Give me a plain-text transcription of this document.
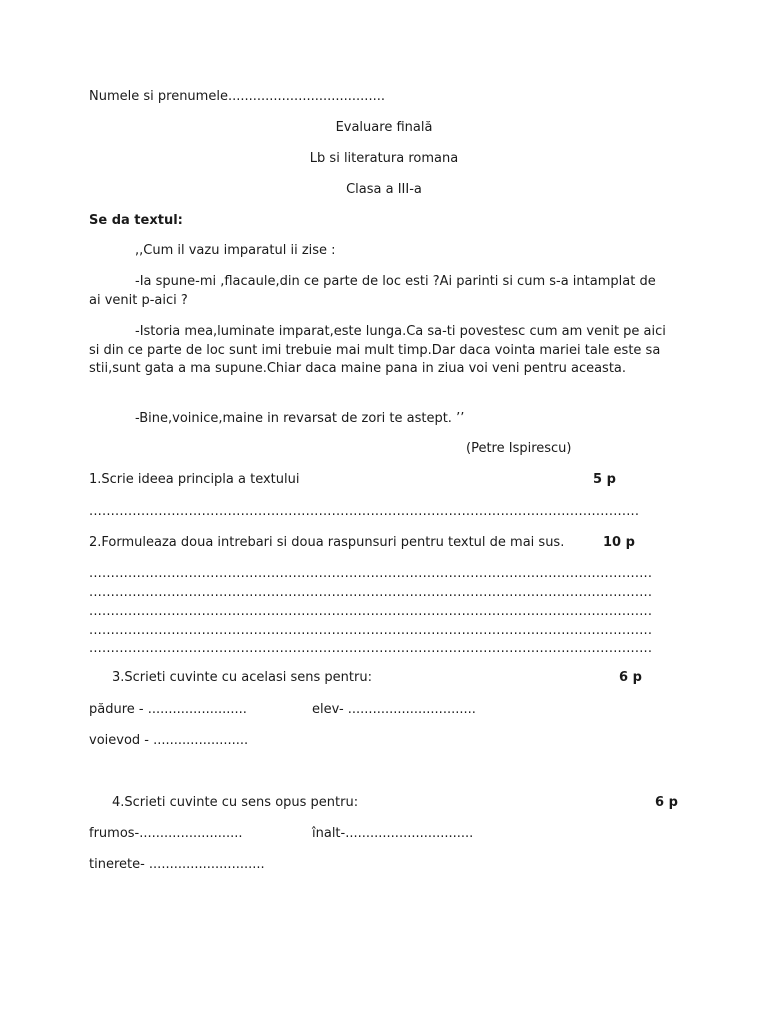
Numele si prenumele......................................
Evaluare finală
Lb si literatura romana
Clasa a III-a
Se da textul:
,,Cum il vazu imparatul ii zise :
-Ia spune-mi ,flacaule,din ce parte de loc esti ?Ai parinti si cum s-a intamplat de ai venit p-aici ?
-Istoria mea,luminate imparat,este lunga.Ca sa-ti povestesc cum am venit pe aici si din ce parte de loc sunt imi trebuie mai mult timp.Dar daca vointa mariei tale este sa stii,sunt gata a ma supune.Chiar daca maine pana in ziua voi veni pentru aceasta.
-Bine,voinice,maine in revarsat de zori te astept. ’’
(Petre Ispirescu)
1.Scrie ideea principla a textului	5 p
...............................................................................................................................
2.Formuleaza doua intrebari si doua raspunsuri pentru textul de mai sus.	10 p
..................................................................................................................................
..................................................................................................................................
..................................................................................................................................
..................................................................................................................................
..................................................................................................................................
3.Scrieti cuvinte cu acelasi sens pentru:	6 p
pădure - ........................	elev- ...............................
voievod - .......................
4.Scrieti cuvinte cu sens opus pentru:	6 p
frumos-.........................	înalt-...............................
tinerete- ............................
